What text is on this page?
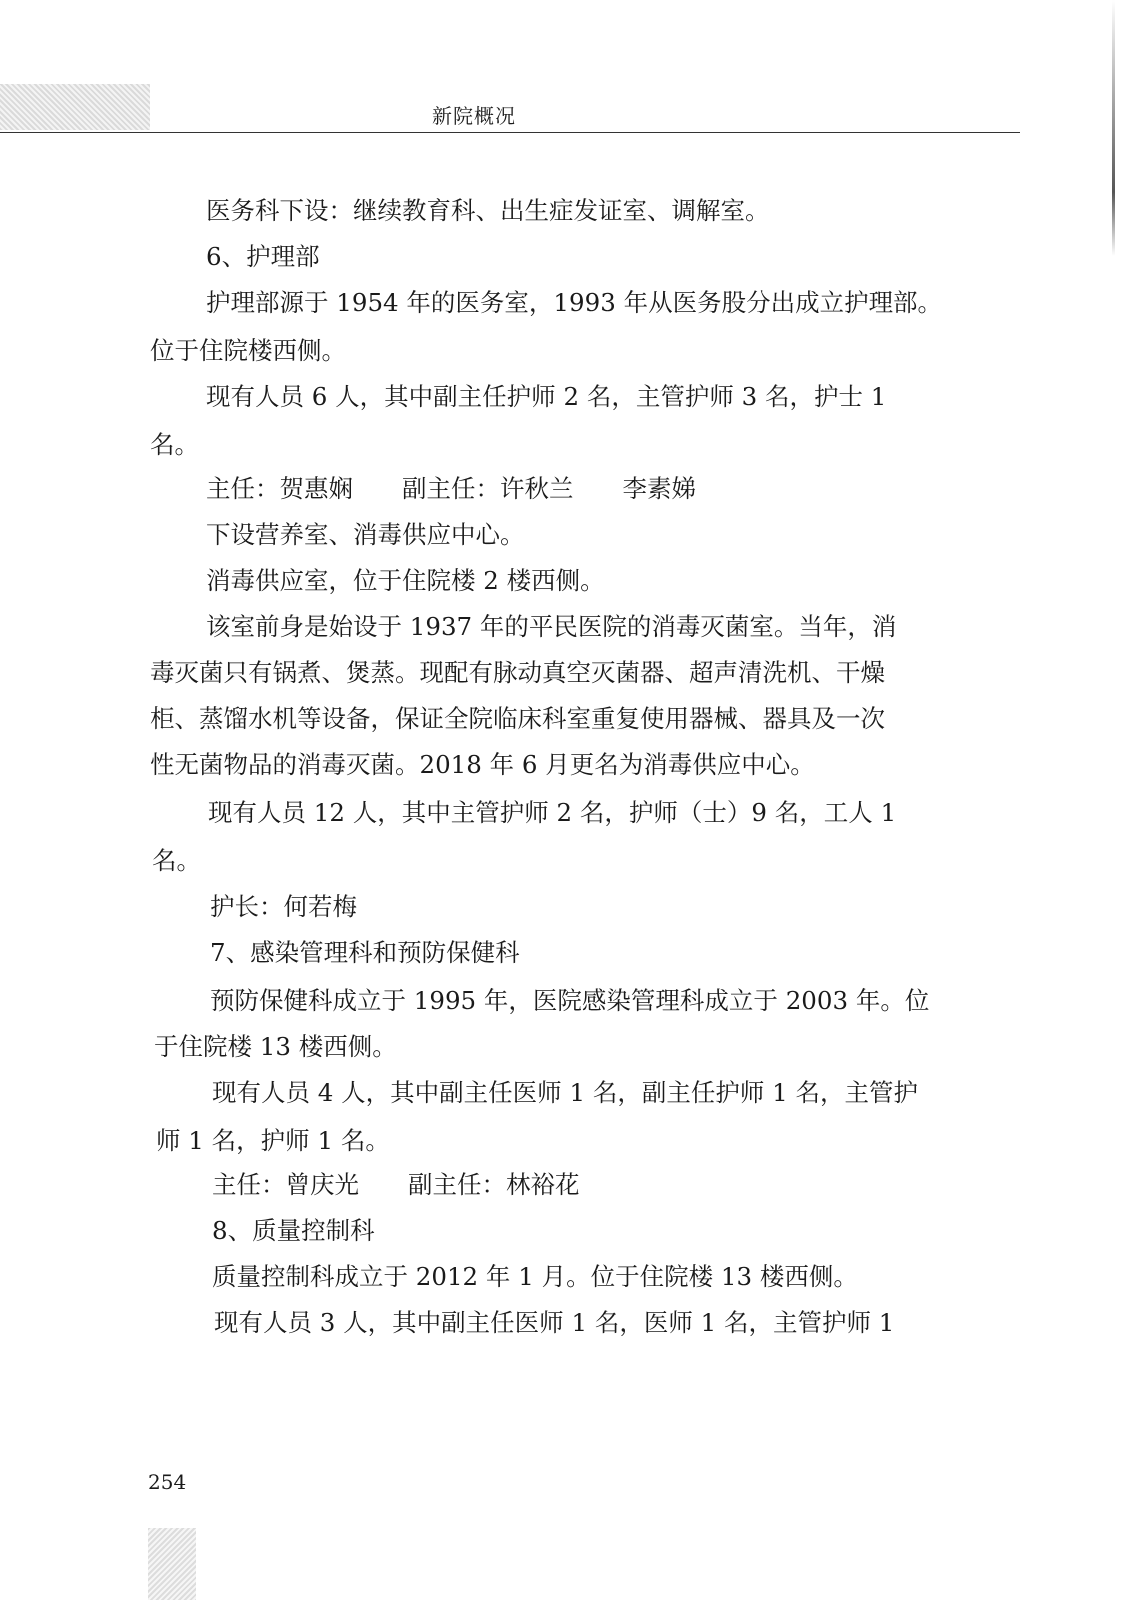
新院概况
医务科下设：继续教育科、出生症发证室、调解室。
6、护理部
护理部源于 1954 年的医务室，1993 年从医务股分出成立护理部。
位于住院楼西侧。
现有人员 6 人，其中副主任护师 2 名，主管护师 3 名，护士 1
名。
主任：贺惠娴　　副主任：许秋兰　　李素娣
下设营养室、消毒供应中心。
消毒供应室，位于住院楼 2 楼西侧。
该室前身是始设于 1937 年的平民医院的消毒灭菌室。当年，消
毒灭菌只有锅煮、煲蒸。现配有脉动真空灭菌器、超声清洗机、干燥
柜、蒸馏水机等设备，保证全院临床科室重复使用器械、器具及一次
性无菌物品的消毒灭菌。2018 年 6 月更名为消毒供应中心。
现有人员 12 人，其中主管护师 2 名，护师（士）9 名，工人 1
名。
护长：何若梅
7、感染管理科和预防保健科
预防保健科成立于 1995 年，医院感染管理科成立于 2003 年。位
于住院楼 13 楼西侧。
现有人员 4 人，其中副主任医师 1 名，副主任护师 1 名，主管护
师 1 名，护师 1 名。
主任：曾庆光　　副主任：林裕花
8、质量控制科
质量控制科成立于 2012 年 1 月。位于住院楼 13 楼西侧。
现有人员 3 人，其中副主任医师 1 名，医师 1 名，主管护师 1
254
